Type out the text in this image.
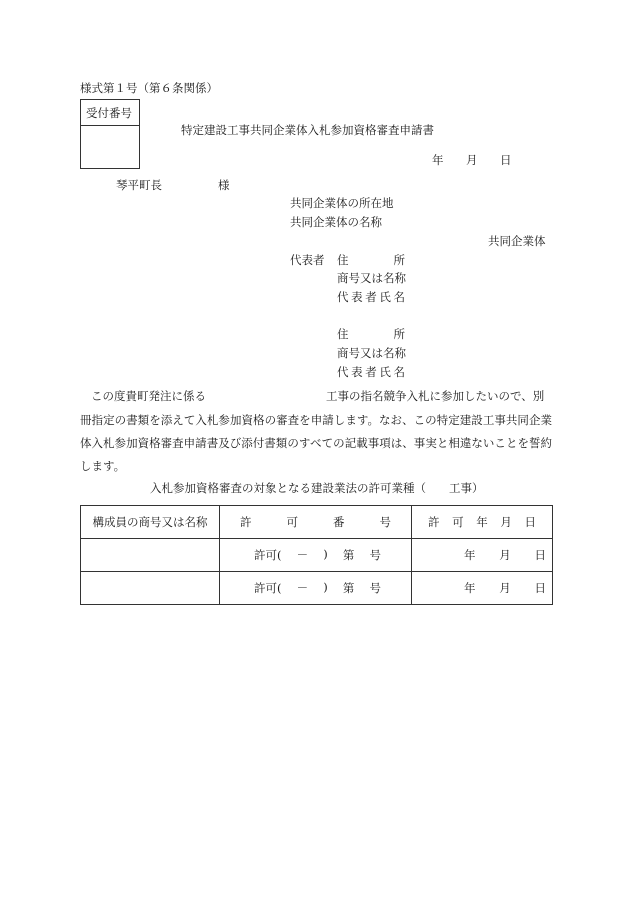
様式第１号（第６条関係）
受付番号
特定建設工事共同企業体入札参加資格審査申請書
年 月 日
琴平町長	様
共同企業体の所在地
共同企業体の名称
共同企業体
代表者 住	所
商号又は名称
代 表 者 氏 名
住	所
商号又は名称
代 表 者 氏 名
この度貴町発注に係る	工事の指名競争入札に参加したいので、別
冊指定の書類を添えて入札参加資格の審査を申請します。なお、この特定建設工事共同企業体入札参加資格審査申請書及び添付書類のすべての記載事項は、事実と相違ないことを誓約します。
入札参加資格審査の対象となる建設業法の許可業種（　　工事）
構成員の商号又は名称	許 可 番 号	許 可 年 月 日

	許可( － ) 第 号	年 月 日

	許可( － ) 第 号	年 月 日
